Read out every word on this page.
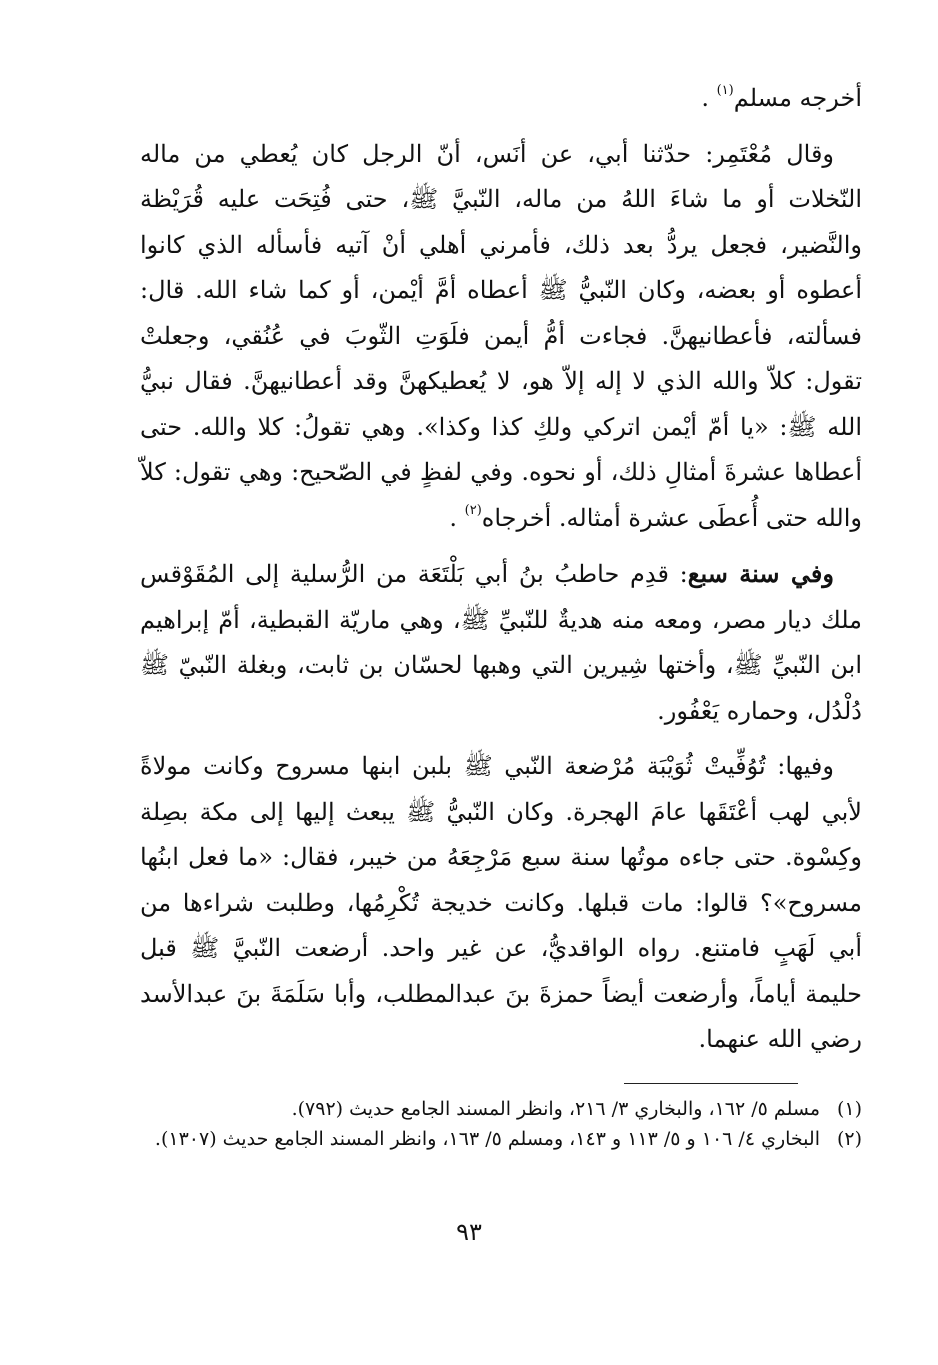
أخرجه مسلم$^{(١)}$ .

وقال مُعْتَمِر: حدّثنا أبي، عن أنَس، أنّ الرجل كان يُعطي من ماله النّخلات أو ما شاءَ اللهُ من ماله، النّبيَّ ﷺ، حتى فُتِحَت عليه قُرَيْظة والنَّضير، فجعل يردُّ بعد ذلك، فأمرني أهلي أنْ آتيه فأسأله الذي كانوا أعطوه أو بعضه، وكان النّبيُّ ﷺ أعطاه أمَّ أيْمن، أو كما شاء الله. قال: فسألته، فأعطانيهنَّ. فجاءت أمُّ أيمن فلَوَتِ الثّوبَ في عُنُقي، وجعلتْ تقول: كلاّ والله الذي لا إله إلاّ هو، لا يُعطيكهنَّ وقد أعطانيهنَّ. فقال نبيُّ الله ﷺ: «يا أمّ أيْمن اتركي ولكِ كذا وكذا». وهي تقولُ: كلا والله. حتى أعطاها عشرةَ أمثالِ ذلك، أو نحوه. وفي لفظٍ في الصّحيح: وهي تقول: كلاّ والله حتى أُعطَى عشرة أمثاله. أخرجاه$^{(٢)}$ .

وفي سنة سبع: قدِم حاطبُ بنُ أبي بَلْتَعَة من الرُّسلية إلى المُقَوْقس ملك ديار مصر، ومعه منه هديةٌ للنّبيِّ ﷺ، وهي ماريّة القبطية، أمّ إبراهيم ابن النّبيِّ ﷺ، وأختها شِيرين التي وهبها لحسّان بن ثابت، وبغلة النّبيّ ﷺ دُلْدُل، وحماره يَعْفُور.

وفيها: تُوُفِّيتْ ثُوَيْبَة مُرْضعة النّبي ﷺ بلبن ابنها مسروح وكانت مولاةً لأبي لهب أعْتَقَها عامَ الهجرة. وكان النّبيُّ ﷺ يبعث إليها إلى مكة بصِلة وكِسْوة. حتى جاءه موتُها سنة سبع مَرْجِعَهُ من خيبر، فقال: «ما فعل ابنُها مسروح»؟ قالوا: مات قبلها. وكانت خديجة تُكْرِمُها، وطلبت شراءها من أبي لَهَبٍ فامتنع. رواه الواقديُّ، عن غير واحد. أرضعت النّبيَّ ﷺ قبل حليمة أياماً، وأرضعت أيضاً حمزةَ بنَ عبدالمطلب، وأبا سَلَمَةَ بنَ عبدالأسد رضي الله عنهما.

(١)
مسلم ٥/ ١٦٢، والبخاري ٣/ ٢١٦، وانظر المسند الجامع حديث (٧٩٢).
(٢)
البخاري ٤/ ١٠٦ و ٥/ ١١٣ و ١٤٣، ومسلم ٥/ ١٦٣، وانظر المسند الجامع حديث (١٣٠٧).
٩٣
